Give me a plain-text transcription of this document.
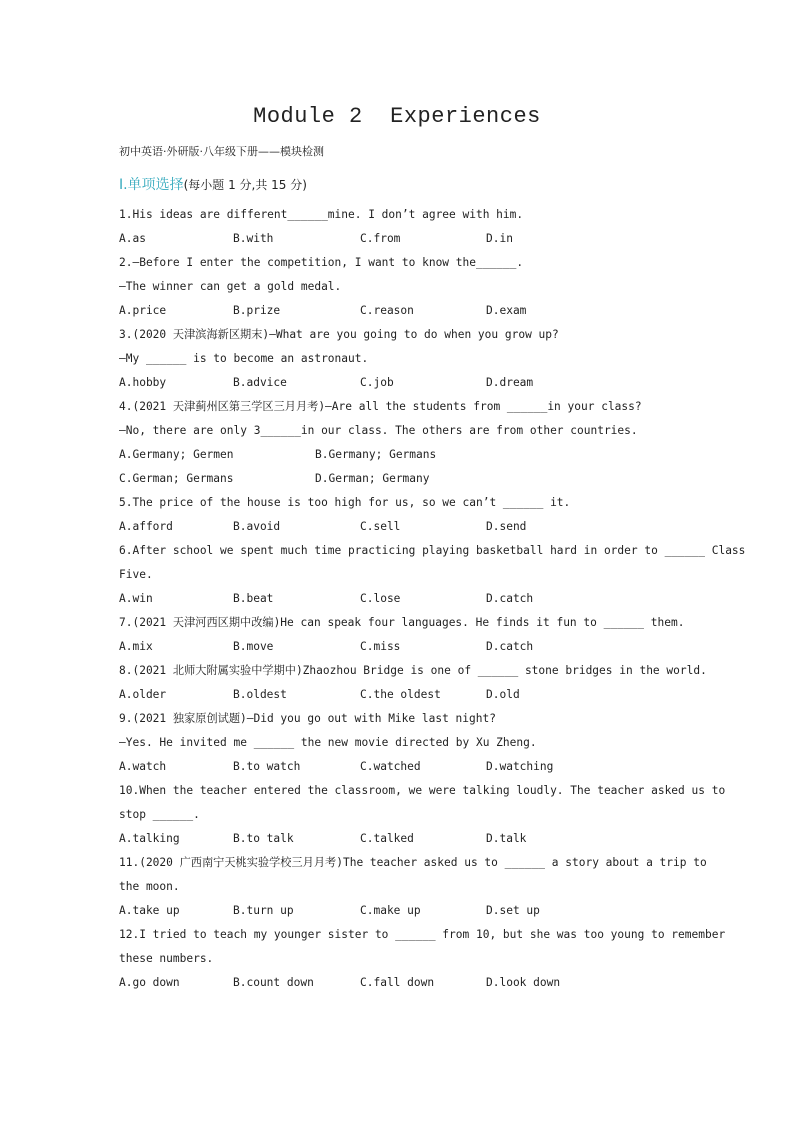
Module 2  Experiences
初中英语·外研版·八年级下册——模块检测
Ⅰ.单项选择(每小题 1 分,共 15 分)
1.His ideas are different______mine. I don’t agree with him.
A.as	B.with	C.from	D.in
2.—Before I enter the competition, I want to know the______.
—The winner can get a gold medal.
A.price	B.prize	C.reason	D.exam
3.(2020 天津滨海新区期末)—What are you going to do when you grow up?
—My ______ is to become an astronaut.
A.hobby	B.advice	C.job	D.dream
4.(2021 天津蓟州区第三学区三月月考)—Are all the students from ______in your class?
—No, there are only 3______in our class. The others are from other countries.
A.Germany; Germen	B.Germany; Germans
C.German; Germans	D.German; Germany
5.The price of the house is too high for us, so we can’t ______ it.
A.afford	B.avoid	C.sell	D.send
6.After school we spent much time practicing playing basketball hard in order to ______ Class
Five.
A.win	B.beat	C.lose	D.catch
7.(2021 天津河西区期中改编)He can speak four languages. He finds it fun to ______ them.
A.mix	B.move	C.miss	D.catch
8.(2021 北师大附属实验中学期中)Zhaozhou Bridge is one of ______ stone bridges in the world.
A.older	B.oldest	C.the oldest	D.old
9.(2021 独家原创试题)—Did you go out with Mike last night?
—Yes. He invited me ______ the new movie directed by Xu Zheng.
A.watch	B.to watch	C.watched	D.watching
10.When the teacher entered the classroom, we were talking loudly. The teacher asked us to
stop ______.
A.talking	B.to talk	C.talked	D.talk
11.(2020 广西南宁天桃实验学校三月月考)The teacher asked us to ______ a story about a trip to
the moon.
A.take up	B.turn up	C.make up	D.set up
12.I tried to teach my younger sister to ______ from 10, but she was too young to remember
these numbers.
A.go down	B.count down	C.fall down	D.look down
